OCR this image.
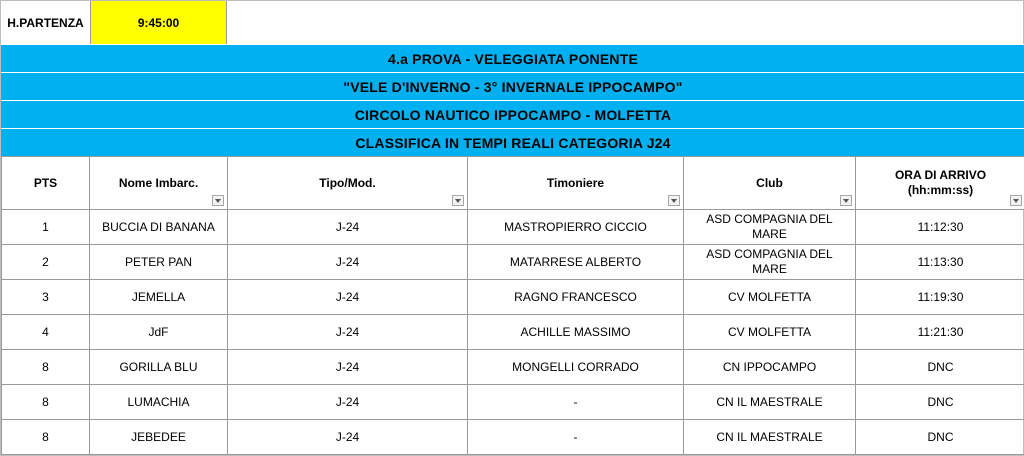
H.PARTENZA	9:45:00
4.a PROVA - VELEGGIATA PONENTE
"VELE D'INVERNO - 3° INVERNALE IPPOCAMPO"
CIRCOLO NAUTICO IPPOCAMPO - MOLFETTA
CLASSIFICA IN TEMPI REALI CATEGORIA J24
PTS	Nome Imbarc.	Tipo/Mod.	Timoniere	Club	ORA DI ARRIVO
(hh:mm:ss)

1	BUCCIA DI BANANA	J-24	MASTROPIERRO CICCIO	ASD COMPAGNIA DEL MARE	11:12:30
2	PETER PAN	J-24	MATARRESE ALBERTO	ASD COMPAGNIA DEL MARE	11:13:30
3	JEMELLA	J-24	RAGNO FRANCESCO	CV MOLFETTA	11:19:30
4	JdF	J-24	ACHILLE MASSIMO	CV MOLFETTA	11:21:30
8	GORILLA BLU	J-24	MONGELLI CORRADO	CN IPPOCAMPO	DNC
8	LUMACHIA	J-24	-	CN IL MAESTRALE	DNC
8	JEBEDEE	J-24	-	CN IL MAESTRALE	DNC
